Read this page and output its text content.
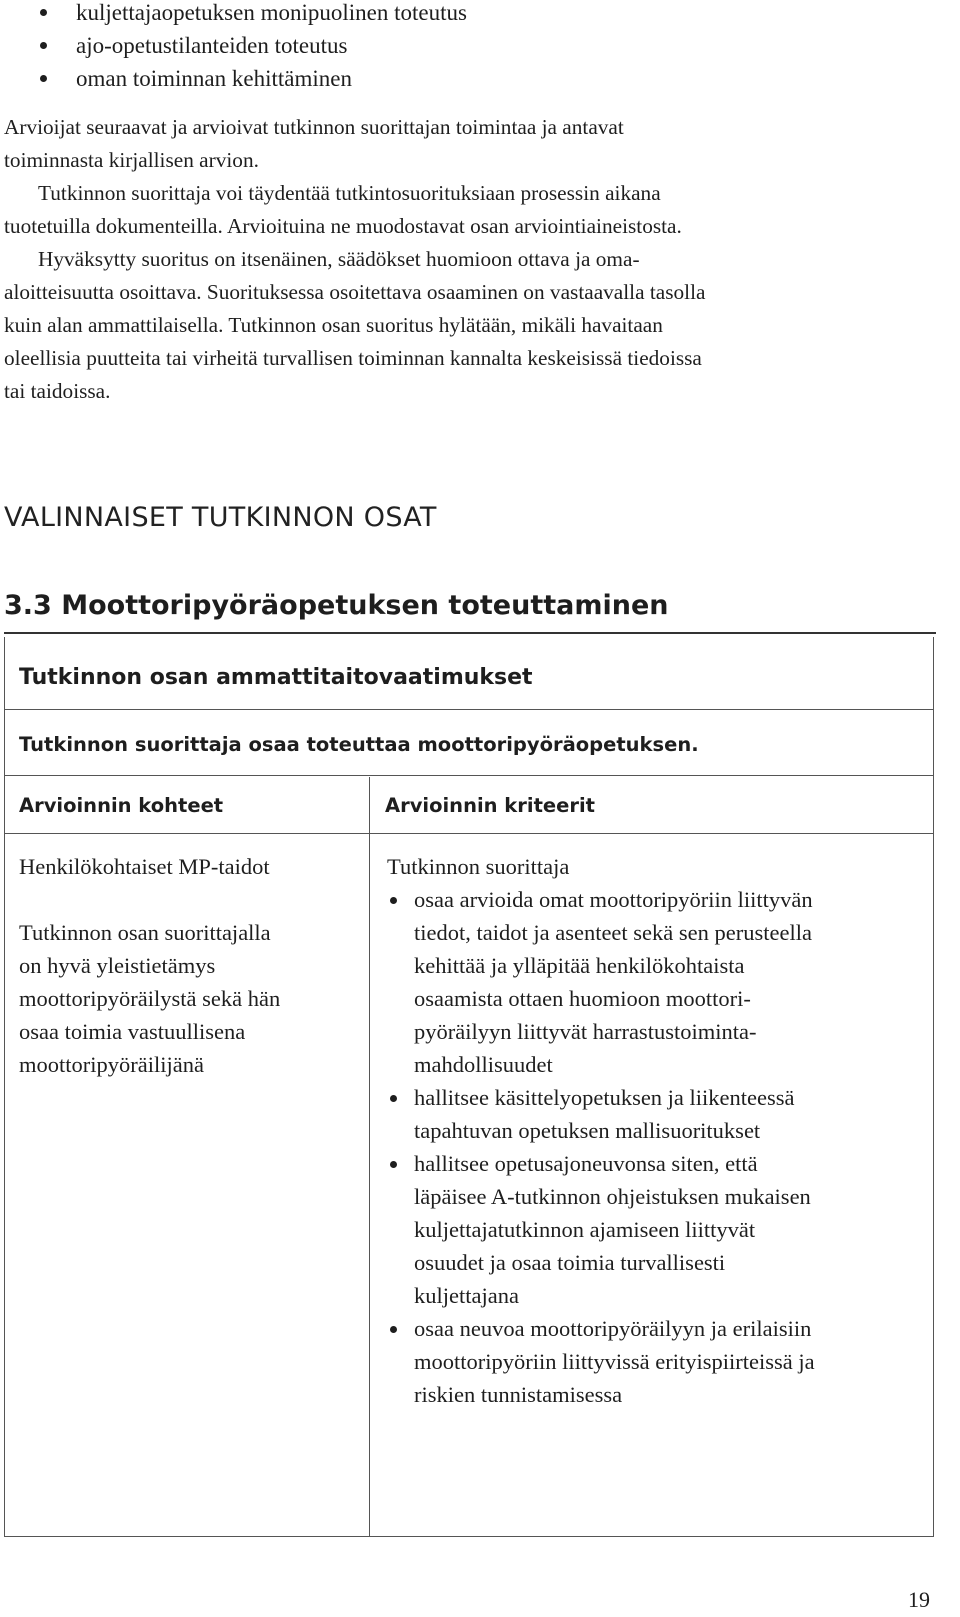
kuljettajaopetuksen monipuolinen toteutus
ajo-opetustilanteiden toteutus
oman toiminnan kehittäminen

Arvioijat seuraavat ja arvioivat tutkinnon suorittajan toimintaa ja antavat
toiminnasta kirjallisen arvion.

Tutkinnon suorittaja voi täydentää tutkintosuorituksiaan prosessin aikana
tuotetuilla dokumenteilla. Arvioituina ne muodostavat osan arviointiaineistosta.

Hyväksytty suoritus on itsenäinen, säädökset huomioon ottava ja oma-
aloitteisuutta osoittava. Suorituksessa osoitettava osaaminen on vastaavalla tasolla
kuin alan ammattilaisella. Tutkinnon osan suoritus hylätään, mikäli havaitaan
oleellisia puutteita tai virheitä turvallisen toiminnan kannalta keskeisissä tiedoissa
tai taidoissa.

VALINNAISET TUTKINNON OSAT
3.3 Moottoripyöräopetuksen toteuttaminen
Tutkinnon osan ammattitaitovaatimukset
Tutkinnon suorittaja osaa toteuttaa moottoripyöräopetuksen.
Arvioinnin kohteet	Arvioinnin kriteerit

Henkilökohtaiset MP-taidot

Tutkinnon osan suorittajalla
on hyvä yleistietämys
moottoripyöräilystä sekä hän
osaa toimia vastuullisena
moottoripyöräilijänä
Tutkinnon suorittaja
osaa arvioida omat moottoripyöriin liittyvän
tiedot, taidot ja asenteet sekä sen perusteella
kehittää ja ylläpitää henkilökohtaista
osaamista ottaen huomioon moottori-
pyöräilyyn liittyvät harrastustoiminta-
mahdollisuudet
hallitsee käsittelyopetuksen ja liikenteessä
tapahtuvan opetuksen mallisuoritukset
hallitsee opetusajoneuvonsa siten, että
läpäisee A-tutkinnon ohjeistuksen mukaisen
kuljettajatutkinnon ajamiseen liittyvät
osuudet ja osaa toimia turvallisesti
kuljettajana
osaa neuvoa moottoripyöräilyyn ja erilaisiin
moottoripyöriin liittyvissä erityispiirteissä ja
riskien tunnistamisessa
19
